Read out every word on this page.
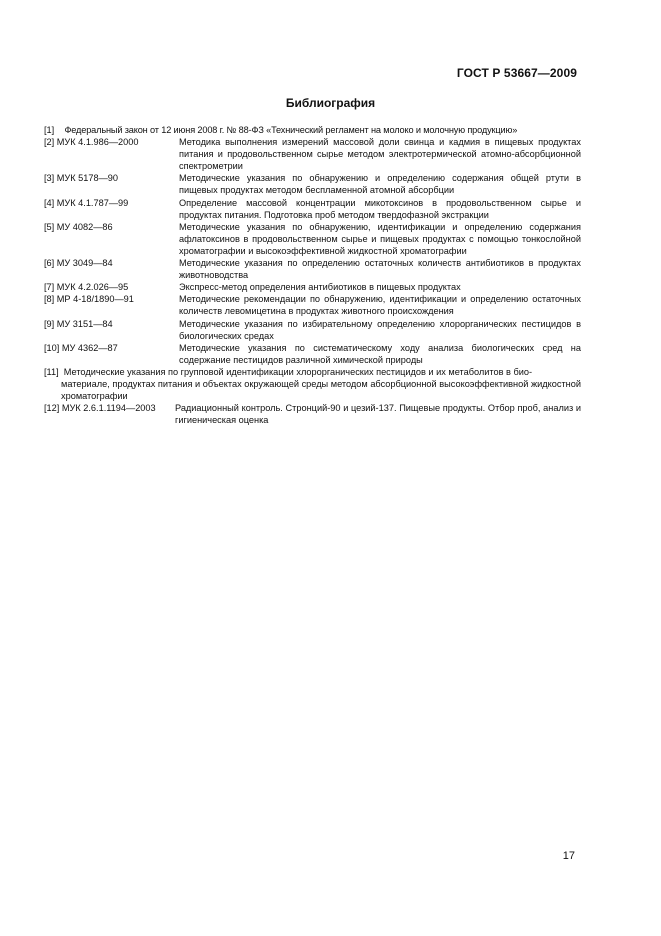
ГОСТ Р 53667—2009
Библиография
[1] Федеральный закон от 12 июня 2008 г. № 88-ФЗ «Технический регламент на молоко и молочную продукцию»
[2] МУК 4.1.986—2000	Методика выполнения измерений массовой доли свинца и кадмия в пищевых продуктах питания и продовольственном сырье методом электротермической атомно-абсорбционной спектрометрии
[3] МУК 5178—90	Методические указания по обнаружению и определению содержания общей ртути в пищевых продуктах методом беспламенной атомной абсорбции
[4] МУК 4.1.787—99	Определение массовой концентрации микотоксинов в продовольственном сырье и продуктах питания. Подготовка проб методом твердофазной экстракции
[5] МУ 4082—86	Методические указания по обнаружению, идентификации и определению содержания афлатоксинов в продовольственном сырье и пищевых продуктах с помощью тонкослойной хроматографии и высокоэффективной жидкостной хроматографии
[6] МУ 3049—84	Методические указания по определению остаточных количеств антибиотиков в продуктах животноводства
[7] МУК 4.2.026—95	Экспресс-метод определения антибиотиков в пищевых продуктах
[8] МР 4-18/1890—91	Методические рекомендации по обнаружению, идентификации и определению остаточных количеств левомицетина в продуктах животного происхождения
[9] МУ 3151—84	Методические указания по избирательному определению хлорорганических пестицидов в биологических средах
[10] МУ 4362—87	Методические указания по систематическому ходу анализа биологических сред на содержание пестицидов различной химической природы
[11] Методические указания по групповой идентификации хлорорганических пестицидов и их метаболитов в био-
материале, продуктах питания и объектах окружающей среды методом абсорбционной высокоэффективной жидкостной хроматографии
[12] МУК 2.6.1.1194—2003 Радиационный контроль. Стронций-90 и цезий-137. Пищевые продукты. Отбор проб, анализ и гигиеническая оценка
17
